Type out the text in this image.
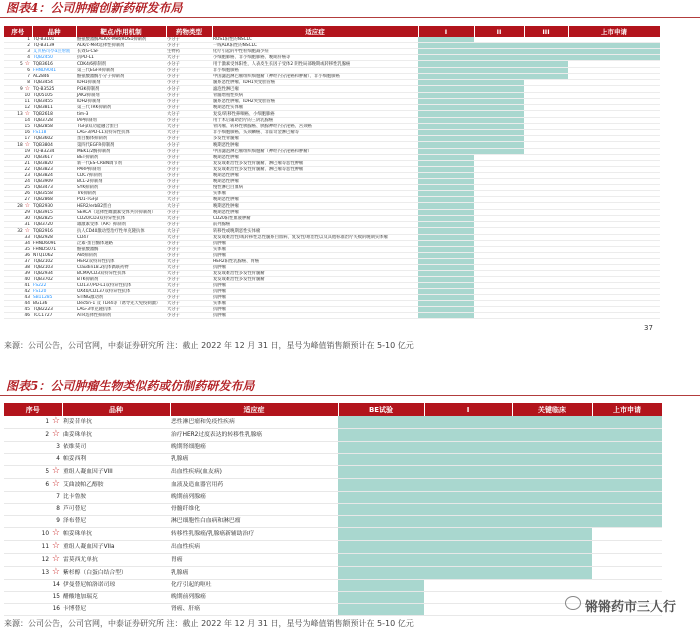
图表4：公司肿瘤创新药研发布局
序号	品种	靶点/作用机制	药物类型	适应症	I	II	III	上市申请
1	TQ-B3101	酪氨酸激酶ALK/c-Met/ROS1抑制剂	小分子	ROS1阳性的NSCLC				
2	TQ-B3139	ALK/c-Met选择性抑制剂	小分子	一线ALK阳性的NSCLC				
3	艾贝格司亭α注射液	长效G-CSF	生物药	化疗引起的中性粒细胞减少症				
4	TQB2450	抗PD-L1	大分子	小细胞肺癌、非小细胞肺癌、晚期肝癌等				
5 ☆	TQB3616	CDK4/6抑制剂	小分子	用于激素受体阳性、人表皮生长因子受体2 阴性局部晚期或转移性乳腺癌				
6	FHND9041	第三代EGFR抑制剂	小分子	非小细胞肺癌				
7	AL2846	酪氨酸激酶小分子抑制剂	小分子	中国滤泡淋巴瘤组织细胞瘤（神经内分泌癌和肿瘤）、非小细胞肺癌				
8	TQB3454	IDH1抑制剂	小分子	髓系恶性肿瘤、IDH1突变胆管癌				
9 ☆	TQ-B3525	PI3K抑制剂	小分子	滤泡性淋巴瘤				
10	TQ05105	JAK2抑制剂	小分子	骨髓增殖性疾病				
11	TQB3455	IDH2抑制剂	小分子	髓系恶性肿瘤、IDH2突变胆管癌				
12	TQB3811	第三代TRK抑制剂	小分子	晚期恶性实体瘤				
13 ☆	TQB2618	tim-3	大分子	复发/转移性鼻咽癌、小细胞肺癌				
14	TQB3728	IAP抑制剂	小分子	用于术后辅助治疗的三阴乳腺癌				
15	TQB2858	TGFβ双功能融合蛋白	大分子	骨肉瘤、转移性胰腺癌、胰腺神经内分泌癌、宫颈癌				
16	FS118	LAG-3/PD-L1双特异性抗体	大分子	非小细胞肺癌、头颈鳞癌、非霍奇金淋巴瘤等				
17	TQB3602	蛋白酶体抑制剂	小分子	多发性骨髓瘤				
18 ☆	TQB3804	第四代EGFR抑制剂	小分子	晚期恶性肿瘤				
19	TQ-B3234	MEK1/2酶抑制剂	小分子	中国滤泡淋巴瘤组织细胞瘤（神经内分泌癌和肿瘤）				
20	TQB3617	BET抑制剂	小分子	晚期恶性肿瘤				
21	TQB3820	新一代ES-CRBN调节剂	小分子	复发或难治性多发性骨髓瘤、淋巴瘤等恶性肿瘤				
22	TQB3823	PARP抑制剂	小分子	复发或难治性多发性骨髓瘤、淋巴瘤等恶性肿瘤				
23	TQB3824	CDC7抑制剂	小分子	晚期恶性肿瘤				
24	TQB3909	BCL-2抑制剂	小分子	晚期恶性肿瘤				
25	TQB3473	SYK抑制剂	小分子	慢性淋巴白血病				
26	TQB3558	Trk抑制剂	小分子	实体瘤				
27	TQB2868	PD1-TGFβ	大分子	晚期恶性肿瘤				
28 ☆	TQB2930	HER2/erbB2蛋白	大分子	晚期恶性肿瘤				
29	TQB3915	SERCA（选择性雌激素受体共价抑制剂）	小分子	晚期恶性肿瘤				
30	TQB2825	CD20/CD3双特异性抗体	大分子	CD20阳性血液肿瘤				
31	TQB3720	雄激素受体（AR）抑制剂	小分子	前列腺癌				
32 ☆	TQB2916	抗人CD40激动型治疗性单克隆抗体	大分子	转移性或晚期恶性实体瘤				
33	TQB2928	CD47	大分子	复发或难治性/或转移性急性髓系白血病、复发性/难治性以及其他标准治疗失败的晚期实体瘤				
34	FHND6091	泛素-蛋白酶体通路	小分子	抗肿瘤				
35	FHND5071	酪氨酸激酶	小分子	实体瘤				
36	NTQ1062	Akt抑制剂	小分子	抗肿瘤				
37	TQB2102	HER2双特异性抗体	大分子	HER2阳性乳腺癌、胃癌				
38	TQB2103	Claudin18.2抗体偶联药物	大分子	抗肿瘤				
39	TQB2934	BCMA/CD3双特异性抗体	大分子	复发或难治性多发性骨髓瘤				
40	TQB3702	BTK抑制剂	小分子	复发或难治性多发性骨髓瘤				
41	FS222	CD137/PD-L1双特异性抗体	大分子	抗肿瘤				
42	FS120	OX40/CD137双特异性抗体	大分子	抗肿瘤				
43	SB11285	STING激动剂	小分子	抗肿瘤				
44	BG136	Dectin-1 及 TLR4等（诱导先天免疫刺激）	大分子	实体瘤				
45	TQB2223	LAG-3单克隆抗体	大分子	抗肿瘤				
46	TCC1727	ATR选择性抑制剂	小分子	抗肿瘤				
37
来源：公司公告，公司官网，中泰证券研究所 注：截止 2022 年 12 月 31 日，星号为峰值销售额预计在 5-10 亿元
图表5：公司肿瘤生物类似药或仿制药研发布局
序号	品种	适应症	BE试验	I	关键临床	上市申请
1 ☆	利妥昔单抗	恶性淋巴瘤和免疫性疾病				
2 ☆	曲妥珠单抗	治疗HER2过度表达的转移性乳腺癌				
3	依维莫司	晚期肾细胞癌				
4	帕妥西利	乳腺癌				
5 ☆	重组人凝血因子VIII	出血性疾病(血友病)				
6 ☆	艾曲波帕乙醇胺	血液及造血器官用药				
7	比卡鲁胺	晚期前列腺癌				
8	芦可替尼	骨髓纤维化				
9	泽布替尼	淋巴细胞性白血病和淋巴瘤				
10 ☆	帕妥珠单抗	转移性乳腺癌/乳腺癌新辅助治疗				
11 ☆	重组人凝血因子VIIa	出血性疾病				
12 ☆	雷莫西尤单抗	胃癌				
13 ☆	紫杉醇（白蛋白结合型）	乳腺癌				
14	伊曼替尼帕洛诺司琼	化疗引起的呕吐				
15	醋酸地加瑞克	晚期前列腺癌				
16	卡博替尼	肾癌、肝癌				
来源：公司公告，公司官网，中泰证券研究所 注：截止 2022 年 12 月 31 日，星号为峰值销售额预计在 5-10 亿元
锵锵药市三人行
